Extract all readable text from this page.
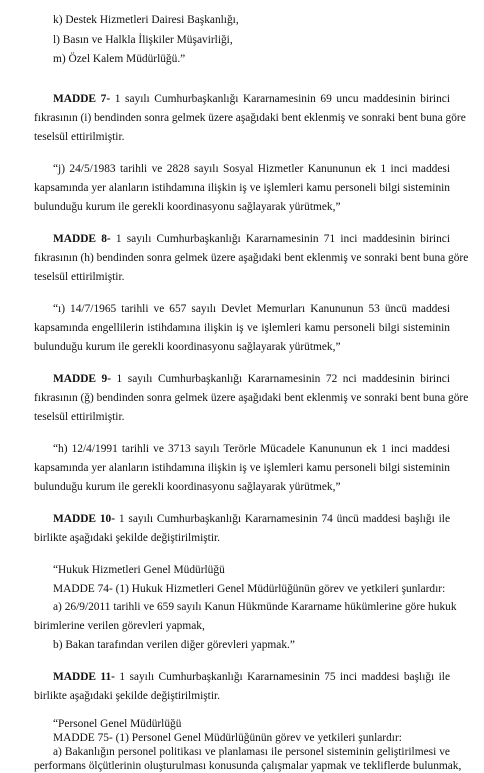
k) Destek Hizmetleri Dairesi Başkanlığı,

l) Basın ve Halkla İlişkiler Müşavirliği,

m) Özel Kalem Müdürlüğü.”

MADDE 7- 1 sayılı Cumhurbaşkanlığı Kararnamesinin 69 uncu maddesinin birinci

fıkrasının (i) bendinden sonra gelmek üzere aşağıdaki bent eklenmiş ve sonraki bent buna göre

teselsül ettirilmiştir.

“j) 24/5/1983 tarihli ve 2828 sayılı Sosyal Hizmetler Kanununun ek 1 inci maddesi

kapsamında yer alanların istihdamına ilişkin iş ve işlemleri kamu personeli bilgi sisteminin

bulunduğu kurum ile gerekli koordinasyonu sağlayarak yürütmek,”

MADDE 8- 1 sayılı Cumhurbaşkanlığı Kararnamesinin 71 inci maddesinin birinci

fıkrasının (h) bendinden sonra gelmek üzere aşağıdaki bent eklenmiş ve sonraki bent buna göre

teselsül ettirilmiştir.

“ı) 14/7/1965 tarihli ve 657 sayılı Devlet Memurları Kanununun 53 üncü maddesi

kapsamında engellilerin istihdamına ilişkin iş ve işlemleri kamu personeli bilgi sisteminin

bulunduğu kurum ile gerekli koordinasyonu sağlayarak yürütmek,”

MADDE 9- 1 sayılı Cumhurbaşkanlığı Kararnamesinin 72 nci maddesinin birinci

fıkrasının (ğ) bendinden sonra gelmek üzere aşağıdaki bent eklenmiş ve sonraki bent buna göre

teselsül ettirilmiştir.

“h) 12/4/1991 tarihli ve 3713 sayılı Terörle Mücadele Kanununun ek 1 inci maddesi

kapsamında yer alanların istihdamına ilişkin iş ve işlemleri kamu personeli bilgi sisteminin

bulunduğu kurum ile gerekli koordinasyonu sağlayarak yürütmek,”

MADDE 10- 1 sayılı Cumhurbaşkanlığı Kararnamesinin 74 üncü maddesi başlığı ile

birlikte aşağıdaki şekilde değiştirilmiştir.

“Hukuk Hizmetleri Genel Müdürlüğü

MADDE 74- (1) Hukuk Hizmetleri Genel Müdürlüğünün görev ve yetkileri şunlardır:

a) 26/9/2011 tarihli ve 659 sayılı Kanun Hükmünde Kararname hükümlerine göre hukuk

birimlerine verilen görevleri yapmak,

b) Bakan tarafından verilen diğer görevleri yapmak.”

MADDE 11- 1 sayılı Cumhurbaşkanlığı Kararnamesinin 75 inci maddesi başlığı ile

birlikte aşağıdaki şekilde değiştirilmiştir.

“Personel Genel Müdürlüğü

MADDE 75- (1) Personel Genel Müdürlüğünün görev ve yetkileri şunlardır:

a) Bakanlığın personel politikası ve planlaması ile personel sisteminin geliştirilmesi ve

performans ölçütlerinin oluşturulması konusunda çalışmalar yapmak ve tekliflerde bulunmak,
